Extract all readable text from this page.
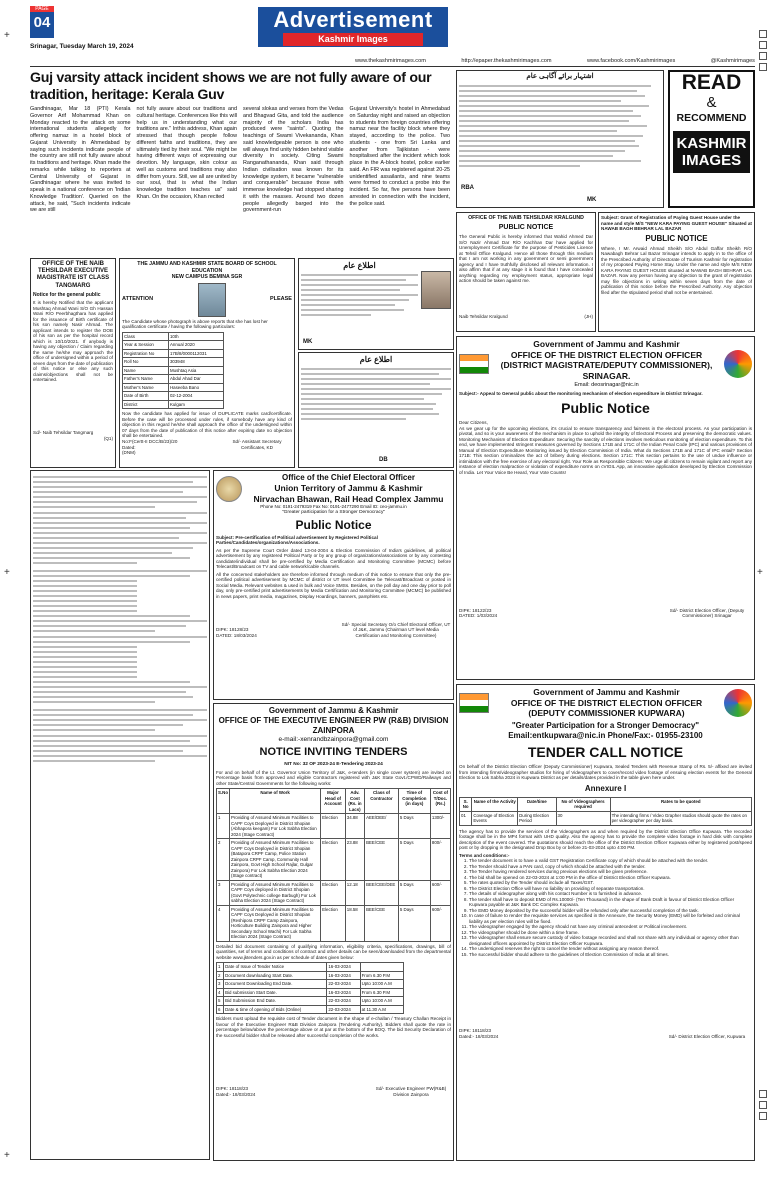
+
+
+
+
PAGE
04
Srinagar, Tuesday March 19, 2024
Advertisement
Kashmir Images
www.thekashmirimages.com	http://epaper.thekashmirimages.com	www.facebook.com/Kashmirimages	@Kashmirimages
Guj varsity attack incident shows we are not fully aware of our tradition, heritage: Kerala Guv
Gandhinagar, Mar 18 (PTI) Kerala Governor Arif Mohammad Khan on Monday reacted to the attack on some international students allegedly for offering namaz in a hostel block of Gujarat University in Ahmedabad by saying such incidents indicate people of the country are still not fully aware about its traditions and heritage. Khan made the remarks while talking to reporters at Central University of Gujarat in Gandhinagar where he was invited to speak in a national conference on 'Indian Knowledge Tradition'. Queried on the attack, he said, "Such incidents indicate we are still
not fully aware about our traditions and cultural heritage. Conferences like this will help us in understanding what our traditions are." Inthis address, Khan again stressed that though people follow different faiths and traditions, they are ultimately tied by their soul. "We might be having different ways of expressing our devotion. My language, skin colour as well as customs and traditions may also differ from yours. Still, we all are united by our soul, that is what the Indian knowledge tradition teaches us" said Khan. On the occasion, Khan recited
several slokas and verses from the Vedas and Bhagvad Gita, and told the audience majority of the scholars India has produced were "saints". Quoting the teachings of Swami Vivekananda, Khan said knowledgeable person is one who will always find unity hidden behind visible diversity in society. Citing Swami Ranganathananda, Khan said through Indian civilisation was known for its knowledge system, it became "vulnerable and conquerable" because those with immense knowledge had stopped sharing it with the masses. Around two dozen people allegedly barged into the government-run
Gujarat University's hostel in Ahmedabad on Saturday night and raised an objection to students from foreign countries offering namaz near the facility block where they stayed, according to the police. Two students - one from Sri Lanka and another from Tajikistan - were hospitalised after the incident which took place in the A-block hostel, police earlier said. An FIR was registered against 20-25 unidentified assailants, and nine teams were formed to conduct a probe into the incident. So far, five persons have been arrested in connection with the incident, the police said.
اشتہار برائے آگاہی عام
RBA
MK
READ
&
RECOMMEND
KASHMIR
IMAGES
OFFICE OF THE NAIB TEHSILDAR KRALGUND
PUBLIC NOTICE
The General Public is hereby informed that Wahid Ahmed Dar S/O Nazir Ahmad Dar R/O Kachhan Dar have applied for Unemployment Certificate for the purpose of Pesticides Licence at Tehsil Office Kralgund. Hence all those through this medium that I am not working in any government or semi government agency and I have truthfully disclosed all relevant information. I also affirm that if at any stage it is found that I have concealed anything regarding my employment status, appropriate legal action should be taken against me.
Naib Tehsildar Kralgund	(JH)
Subject: Grant of Registration of Paying Guest House under the name and style M/S "NEW KARA PAYING GUEST HOUSE" Situated at NAWAB BAGH BEHRAR LAL BAZAR
PUBLIC NOTICE
Where, I Mr. Arwaid Ahmad Sheikh S/O Abdul Gaffar Sheikh R/O Nawabagh Behrar Lal Bazar Srinagar intends to apply in to the office of the Prescribed Authority of Directorate of Tourism Kashmir for registration of my proposed Paying Home Stay. Under the name and style M/S NEW KARA PAYING GUEST HOUSE situated at NAWAB BAGH BEHRAR LAL BAZAR. Now any person having any objection to the grant of registration may file objections in writing within seven days from the date of publication of this notice before the Prescribed Authority. Any objection filed after the stipulated period shall not be entertained.
OFFICE OF THE NAIB TEHSILDAR EXECUTIVE MAGISTRATE IST CLASS TANGMARG
Notice for the general public
It is hereby Notified that the applicant Mushtaq Ahmad Wani S/O Gh Hassan Wani R/O Peerbhagthara has applied for the issuance of Birth certificate of his son namely Nasir Ahmad. The applicant intends to register the DOB of his son as per the hospital record which is 10/10/2021. If anybody is having any objection / Claim regarding the same he/she may approach the office of undersigned within a period of seven days from the date of publication of this notice or else any such claims/objections shall not be entertained.
Sd/- Naib Tehsildar Tangmarg
(Q1)
THE JAMMU AND KASHMIR STATE BOARD OF SCHOOL EDUCATION
NEW CAMPUS BEMINA SGR
ATTENTION	PLEASE
The Candidate whose photograph is above reports that she has lost her qualification certificate / having the following particulars:
Class	10th
Year & Session	Annual 2020
Registration No	17B/8/0000112031
Roll No	303948
Name	Mushtaq Asia
Father's Name	Abdul Ahad Dar
Mother's Name	Haseeba Bano
Date of Birth	02-12-2004
District	Kulgam
Now the candidate has applied for issue of DUPLICATE marks card/certificate. Before the case will be processed under rules, if somebody have any kind of objection in this regard he/she shall approach the office of the undersigned within 07 days from the date of publication of this notice after expiring date no objection shall be entertained.
No:F(Certt-II DCC/B/23)/20
Dated:
(DNM)
Sd/- Assistant Secretary Certificates, KD
اطلاع عام
MK
اطلاع عام
DB
Government of Jammu and Kashmir
OFFICE OF THE DISTRICT ELECTION OFFICER
(DISTRICT MAGISTRATE/DEPUTY COMMISSIONER),
SRINAGAR.
Email: deosrinagar@nic.in
Subject:- Appeal to General public about the monitoring mechanism of election expenditure in District Srinagar.
Public Notice
Dear Citizens,
As we gear up for the upcoming elections, it's crucial to ensure transparency and fairness in the electoral process. As your participation is pivotal, and so is your awareness of the mechanism in place to uphold the integrity of Electoral Process and preserving the democratic values. Monitoring Mechanism of Election Expenditure: Securing the sanctity of elections involves meticulous monitoring of election expenditure. To this end, we have implemented stringent measures governed by Sections 171B and 171C of the Indian Penal Code (IPC) and various provisions of Manual of Election Expenditure Monitoring issued by Election Commission of India. What do Sections 171B and 171C of IPC entail? Section 171B: This section criminalizes the act of bribery during elections. Section 171C: This section pertains to the use of undue influence or intimidation with the free exercise of any electoral right. Your Role as Responsible Citizens: We urge all citizens to remain vigilant and report any instance of election malpractice or violation of expenditure norms on cVIGIL App, an innovative application developed by Election Commission of India. Let Your Voice Be Heard, Your Vote Counts!
DIPK: 18122/23
DATED: 1/03/2024
Sd/- District Election Officer, (Deputy Commissioner) Srinagar
Office of the Chief Electoral Officer
Union Territory of Jammu & Kashmir
Nirvachan Bhawan, Rail Head Complex Jammu
Phone No: 0191-2479319 Fax No: 0191-2477290 Email ID: ceo-jammu.in
"Greater participation for a Stronger Democracy"
Public Notice
Subject: Pre-certification of Political advertisement by Registered Political Parties/Candidates/organizations/Associations.
As per the Supreme Court Order dated 13-04-2004 & Election Commission of India's guidelines, all political advertisement by any registered Political Party or by any group of organizations/associations or by any contesting candidate/individual shall be pre-certified by Media Certification and Monitoring Committee (MCMC) before Telecast/Broadcast on TV and cable network/cable channels.
All the concerned stakeholders are therefore informed through medium of this notice to ensure that only the pre-certified political advertisement by MCMC of district or UT level Committee be Telecast/Broadcast or posted in Social Media. Relevant websites & used in bulk and Voice SMSs. Besides, on the poll day and one day prior to poll day, only pre-certified print advertisements by Media Certification and Monitoring Committee (MCMC) be published in news papers, print media, magazines, Display Hoardings, banners, pamphlets etc.
DIPK: 18128/23
DATED: 18/03/2024
Sd/- Special Secretary O/o Chief Electoral Officer, UT of J&K, Jammu (Chairman UT level Media Certification and Monitoring Committee)
Government of Jammu & Kashmir
OFFICE OF THE EXECUTIVE ENGINEER PW (R&B) DIVISION ZAINPORA
e-mail:-xenrandbzainpora@gmail.com
NOTICE INVITING TENDERS
NIT No: 32 OF 2023-24 E-Tendering 2023-24
For and on behalf of the Lt. Governor Union Territory of J&K, e-tenders (in single cover system) are invited on Percentage basis from approved and eligible Contractors registered with J&K State Govt./CPWD/Railways and other State/Central Governments for the following works:
S.No	Name of Work	Major Head of Account	Adv. Cost (Rs. in Lacs)	Class of Contractor	Time of Completion (in days)	Cost of T/Doc. (Rs.)
1	Providing of Assured Minimum Facilities to CAPF Coys Deployed in District Shopian (Abhapora keegam) For Lok Sabha Election 2024 (Stage Contract)	Election	34.88	AEE/DEE/	5 Days	1300/-
2	Providing of Assured Minimum Facilities to CAPF Coys Deployed in District Shopian (Batapora CRPF Camp, Police Station Zainpora CRPF Camp, Community Hall Zainpora, Govt High School Rajlar, Gulgar Zainpora) For Lok Sabha Election 2024 (Stage contract)	Election	23.88	BEE/CEE	5 Days	800/-
3	Providing of Assured Minimum Facilities to CAPF Coys deployed in District Shopian (Govt Polytechnic college Barbugh) For Lok sabha Election 2024 (Stage Contract)	Election	12.18	BEE/CEE/DEE	5 Days	600/-
4	Providing of Assured Minimum Facilities to CAPF Coys Deployed in District Shopian (Reshipora CRPF Camp Zainpora, Horticulture Building Zainpora and Higher Secondary School Wachi) For Lok Sabha Election 2024 (Stage Contract)	Election	18.58	BEE/CEE	5 Days	600/-
Detailed bid document containing of qualifying information, eligibility criteria, specifications, drawings, bill of quantities, set of terms and conditions of contract and other details can be seen/downloaded from the departmental website www.jktenders.gov.in as per schedule of dates given below:
1	Date of Issue of Tender Notice	16-03-2024	
2	Document downloading Start Date.	16-03-2024	From 6.30 P.M
3	Document Downloading End Date.	22-03-2024	Upto 10:00 A.M
4	Bid submission Start Date.	16-03-2024	From 6.30 P.M
5	Bid Submission End Date.	22-03-2024	Upto 10:00 A.M
6	Date & time of opening of Bids (Online)	22-03-2024	at 11.30 A.M
Bidders must upload the requisite cost of Tender document in the shape of e-challan / Treasury Challan Receipt in favour of the Executive Engineer R&B Division Zainpora (Tendering Authority). Bidders shall quote the rate in percentage below/above the percentage above or at par at the bottom of the BOQ. The bid Security Declaration of the successful bidder shall be released after successful completion of the works.
DIPK: 18118/23
Dated:- 18/03/2024
Sd/- Executive Engineer PW(R&B) Division Zainpora
Government of Jammu and Kashmir
OFFICE OF THE DISTRICT ELECTION OFFICER
(DEPUTY COMMISSIONER KUPWARA)
"Greater Participation for a Stronger Democracy"
Email:entkupwara@nic.in Phone/Fax:- 01955-23100
TENDER CALL NOTICE
On behalf of the District Election Officer (Deputy Commissioner) Kupwara, Sealed Tenders with Revenue Stamp of Rs. 5/- affixed are invited from intending firms/videographer studios for hiring of Videographers to cover/record video footage of ensuing election events for the General Election to Lok Sabha 2024 in Kupwara District as per details/dates provided in the table given here under.
Annexure I
S. No	Name of the Activity	Date/time	No of Videographers required	Rates to be quoted
01	Coverage of Election Events	During Election Period	30	The intending firms / Video Grapher studios should quote the rates on per videographer per day basis.
The agency has to provide the services of the Videographers as and when required by the District Election Office Kupwara. The recorded footage shall be in the MP4 format with UHD quality. Also the agency has to provide the complete video footage in hard disk with complete description of the event covered. The quotations should reach the office of the District Election Officer Kupwara either by registered post/speed post or by dropping in the designated Drop Box by or before 21-03-2024 upto 4:00 PM.
Terms and conditions:-
1. The tender document is to have a valid GST Registration Certificate copy of which should be attached with the tender.
2. The Tender should have a PAN card, copy of which should be attached with the tender.
3. The Tender having rendered services during previous elections will be given preference.
4. The bid shall be opened on 22-03-2024 at 1:00 PM in the office of District Election Officer Kupwara.
5. The rates quoted by the Tender should include all Taxes/GST.
6. The District Election Office will have no liability on providing of separate transportation.
7. The details of videographer along with his contact Number is to furnished in advance.
8. The tender shall have to deposit EMD of Rs.10000/- (Ten Thousand) in the shape of Bank Draft in favour of District Election Officer Kupwara payable at J&K Bank DC Complex Kupwara.
9. The EMD Money deposited by the successful bidder will be refunded only after successful completion of the task.
10. In case of failure to render the requisite services as specified in the Annexure, the Security Money (EMD) will be forfeited and criminal liability as per election rules will be fixed.
11. The videographer engaged by the agency should not have any criminal antecedent or Political involvement.
12. The videographer should be done within a time frame.
13. The videographer shall ensure secure custody of video footage recorded and shall not share with any individual or agency other than designated officers appointed by District Election Officer Kupwara.
14. The undersigned reserves the right to cancel the tender without assigning any reason thereof.
15. The successful bidder should adhere to the guidelines of Election Commission of India at all times.
DIPK: 18118/23
Dated:- 18/03/2024	Sd/- District Election Officer, Kupwara
